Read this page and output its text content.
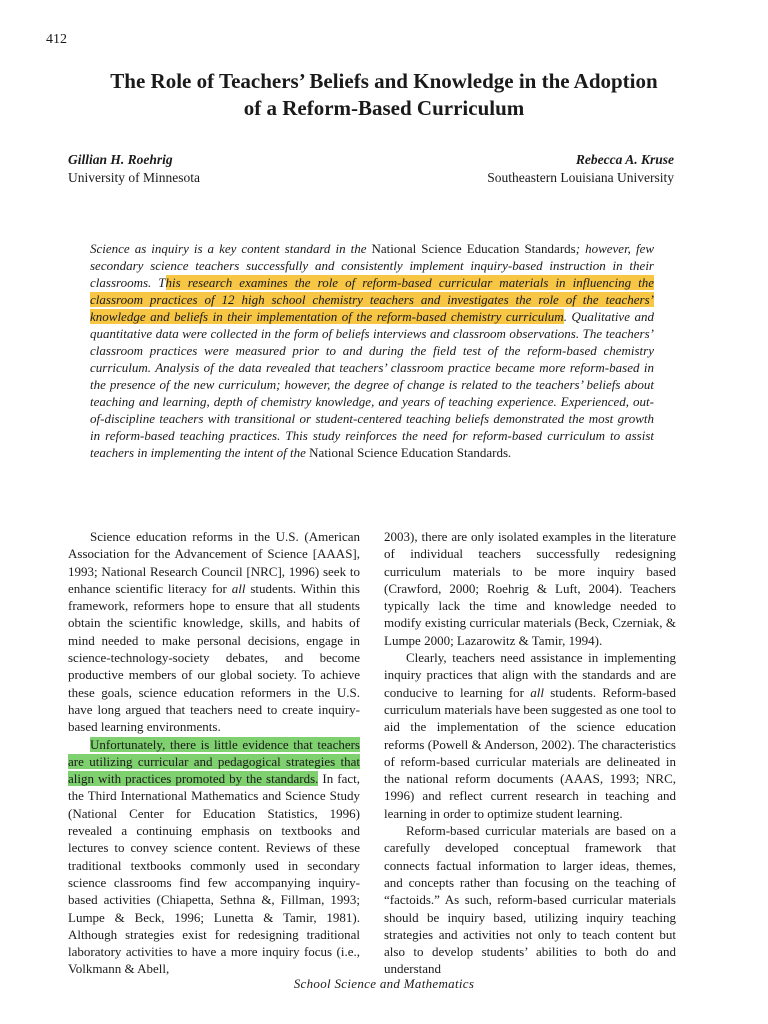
412
The Role of Teachers’ Beliefs and Knowledge in the Adoption
of a Reform-Based Curriculum
Gillian H. Roehrig
University of Minnesota
Rebecca A. Kruse
Southeastern Louisiana University

Science as inquiry is a key content standard in the National Science Education Standards; however, few secondary science teachers successfully and consistently implement inquiry-based instruction in their classrooms. This research examines the role of reform-based curricular materials in influencing the classroom practices of 12 high school chemistry teachers and investigates the role of the teachers’ knowledge and beliefs in their implementation of the reform-based chemistry curriculum. Qualitative and quantitative data were collected in the form of beliefs interviews and classroom observations. The teachers’ classroom practices were measured prior to and during the field test of the reform-based chemistry curriculum. Analysis of the data revealed that teachers’ classroom practice became more reform-based in the presence of the new curriculum; however, the degree of change is related to the teachers’ beliefs about teaching and learning, depth of chemistry knowledge, and years of teaching experience. Experienced, out-of-discipline teachers with transitional or student-centered teaching beliefs demonstrated the most growth in reform-based teaching practices. This study reinforces the need for reform-based curriculum to assist teachers in implementing the intent of the National Science Education Standards.

Science education reforms in the U.S. (American Association for the Advancement of Science [AAAS], 1993; National Research Council [NRC], 1996) seek to enhance scientific literacy for all students. Within this framework, reformers hope to ensure that all students obtain the scientific knowledge, skills, and habits of mind needed to make personal decisions, engage in science-technology-society debates, and become productive members of our global society. To achieve these goals, science education reformers in the U.S. have long argued that teachers need to create inquiry-based learning environments.

Unfortunately, there is little evidence that teachers are utilizing curricular and pedagogical strategies that align with practices promoted by the standards. In fact, the Third International Mathematics and Science Study (National Center for Education Statistics, 1996) revealed a continuing emphasis on textbooks and lectures to convey science content. Reviews of these traditional textbooks commonly used in secondary science classrooms find few accompanying inquiry-based activities (Chiapetta, Sethna &, Fillman, 1993; Lumpe & Beck, 1996; Lunetta & Tamir, 1981). Although strategies exist for redesigning traditional laboratory activities to have a more inquiry focus (i.e., Volkmann & Abell,

2003), there are only isolated examples in the literature of individual teachers successfully redesigning curriculum materials to be more inquiry based (Crawford, 2000; Roehrig & Luft, 2004). Teachers typically lack the time and knowledge needed to modify existing curricular materials (Beck, Czerniak, & Lumpe 2000; Lazarowitz & Tamir, 1994).

Clearly, teachers need assistance in implementing inquiry practices that align with the standards and are conducive to learning for all students. Reform-based curriculum materials have been suggested as one tool to aid the implementation of the science education reforms (Powell & Anderson, 2002). The characteristics of reform-based curricular materials are delineated in the national reform documents (AAAS, 1993; NRC, 1996) and reflect current research in teaching and learning in order to optimize student learning.

Reform-based curricular materials are based on a carefully developed conceptual framework that connects factual information to larger ideas, themes, and concepts rather than focusing on the teaching of “factoids.” As such, reform-based curricular materials should be inquiry based, utilizing inquiry teaching strategies and activities not only to teach content but also to develop students’ abilities to both do and understand

School Science and Mathematics
